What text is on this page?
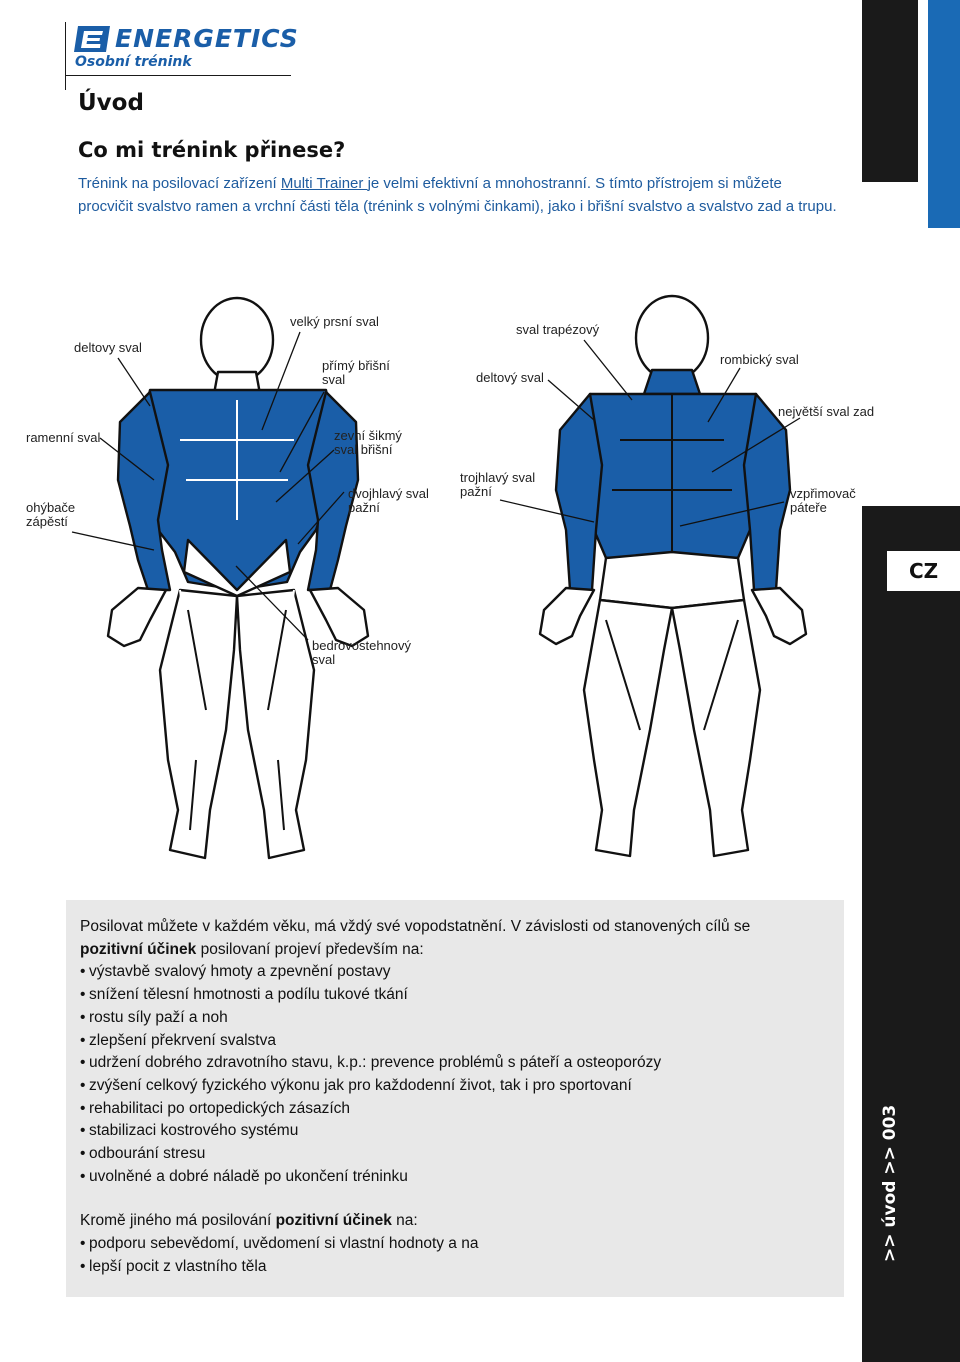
ENERGETICS
Osobní trénink
Úvod
Co mi trénink přinese?
Trénink na posilovací zařízení Multi Trainer je velmi efektivní a mnohostranní. S tímto přístrojem si můžete procvičit svalstvo ramen a vrchní části těla (trénink s volnými činkami), jako i břišní svalstvo a svalstvo zad a trupu.
CZ
>> úvod >> 003
deltovy sval
velký prsní sval
přímý břišní
sval
ramenní sval	zevní šikmý
sval břišní
ohýbače
zápěstí
dvojhlavý sval
pažní
bedrovostehnový
sval
sval trapézový
deltový sval
rombický sval
největší sval zad
trojhlavý sval
pažní	vzpřimovač
páteře

Posilovat můžete v každém věku, má vždý své vopodstatnění. V závislosti od stanovených cílů se

pozitivní účinek posilovaní projeví především na:

• výstavbě svalový hmoty a zpevnění postavy
• snížení tělesní hmotnosti a podílu tukové tkání
• rostu síly paží a noh
• zlepšení překrvení svalstva
• udržení dobrého zdravotního stavu, k.p.: prevence problémů s páteří a osteoporózy
• zvýšení celkový fyzického výkonu jak pro každodenní život, tak i pro sportovaní
• rehabilitaci po ortopedických zásazích
• stabilizaci kostrového systému
• odbourání stresu
• uvolněné a dobré náladě po ukončení tréninku

Kromě jiného má posilování pozitivní účinek na:

• podporu sebevědomí, uvědomení si vlastní hodnoty a na
• lepší pocit z vlastního těla
